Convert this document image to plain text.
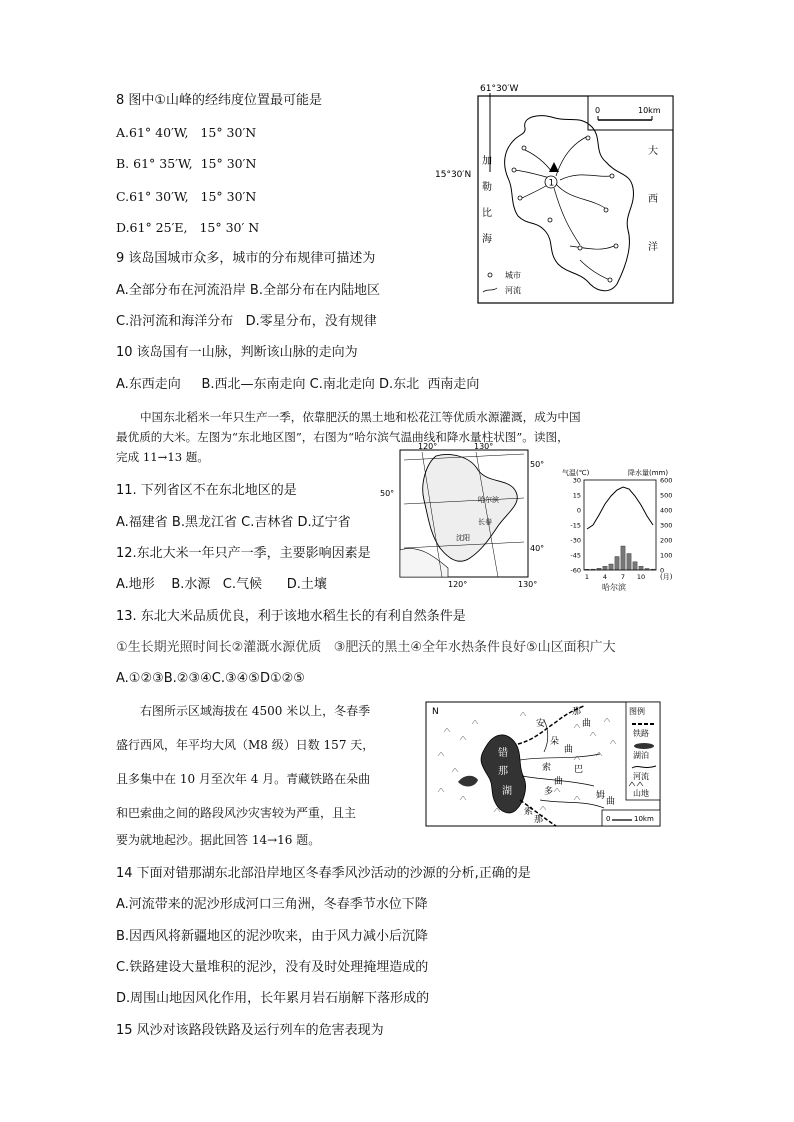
8 图中①山峰的经纬度位置最可能是
A.61° 40′W,   15° 30′N
B. 61° 35′W,  15° 30′N
C.61° 30′W,   15° 30′N
D.61° 25′E,   15° 30′ N
9 该岛国城市众多，城市的分布规律可描述为
A.全部分布在河流沿岸 B.全部分布在内陆地区
C.沿河流和海洋分布   D.零星分布，没有规律
10 该岛国有一山脉，判断该山脉的走向为
A.东西走向     B.西北—东南走向 C.南北走向 D.东北  西南走向
中国东北稻米一年只生产一季，依靠肥沃的黑土地和松花江等优质水源灌溉，成为中国
最优质的大米。左图为“东北地区图”，右图为“哈尔滨气温曲线和降水量柱状图”。读图，
完成 11→13 题。
11. 下列省区不在东北地区的是
A.福建省 B.黑龙江省 C.吉林省 D.辽宁省
12.东北大米一年只产一季，主要影响因素是
A.地形    B.水源   C.气候      D.土壤
13. 东北大米品质优良，利于该地水稻生长的有利自然条件是
①生长期光照时间长②灌溉水源优质   ③肥沃的黑土④全年水热条件良好⑤山区面积广大
A.①②③B.②③④C.③④⑤D①②⑤
右图所示区域海拔在 4500 米以上，冬春季
盛行西风，年平均大风（M8 级）日数 157 天，
且多集中在 10 月至次年 4 月。青藏铁路在朵曲
和巴索曲之间的路段风沙灾害较为严重，且主
要为就地起沙。据此回答 14→16 题。
14 下面对错那湖东北部沿岸地区冬春季风沙活动的沙源的分析,正确的是
A.河流带来的泥沙形成河口三角洲，冬春季节水位下降
B.因西风将新疆地区的泥沙吹来，由于风力减小后沉降
C.铁路建设大量堆积的泥沙，没有及时处理掩埋造成的
D.周围山地因风化作用，长年累月岩石崩解下落形成的
15 风沙对该路段铁路及运行列车的危害表现为
61°30′W
15°30′N
0	10km
1
加
勒
比
海
大
西
洋
城市
河流
120°	130°
120°	130°
50°
40°
50°
哈尔滨
沈阳
长春
气温(℃)	降水量(mm)
30
15
0
-15
-30
-45
-60
600
500
400
300
200
100
0
1 4 7 10 (月)
哈尔滨
N	图例
铁路
湖泊
河流
山地
0	10km
错
那
湖
那
曲
朵
曲
巴
索
曲
姆
曲
安
多
索
那
